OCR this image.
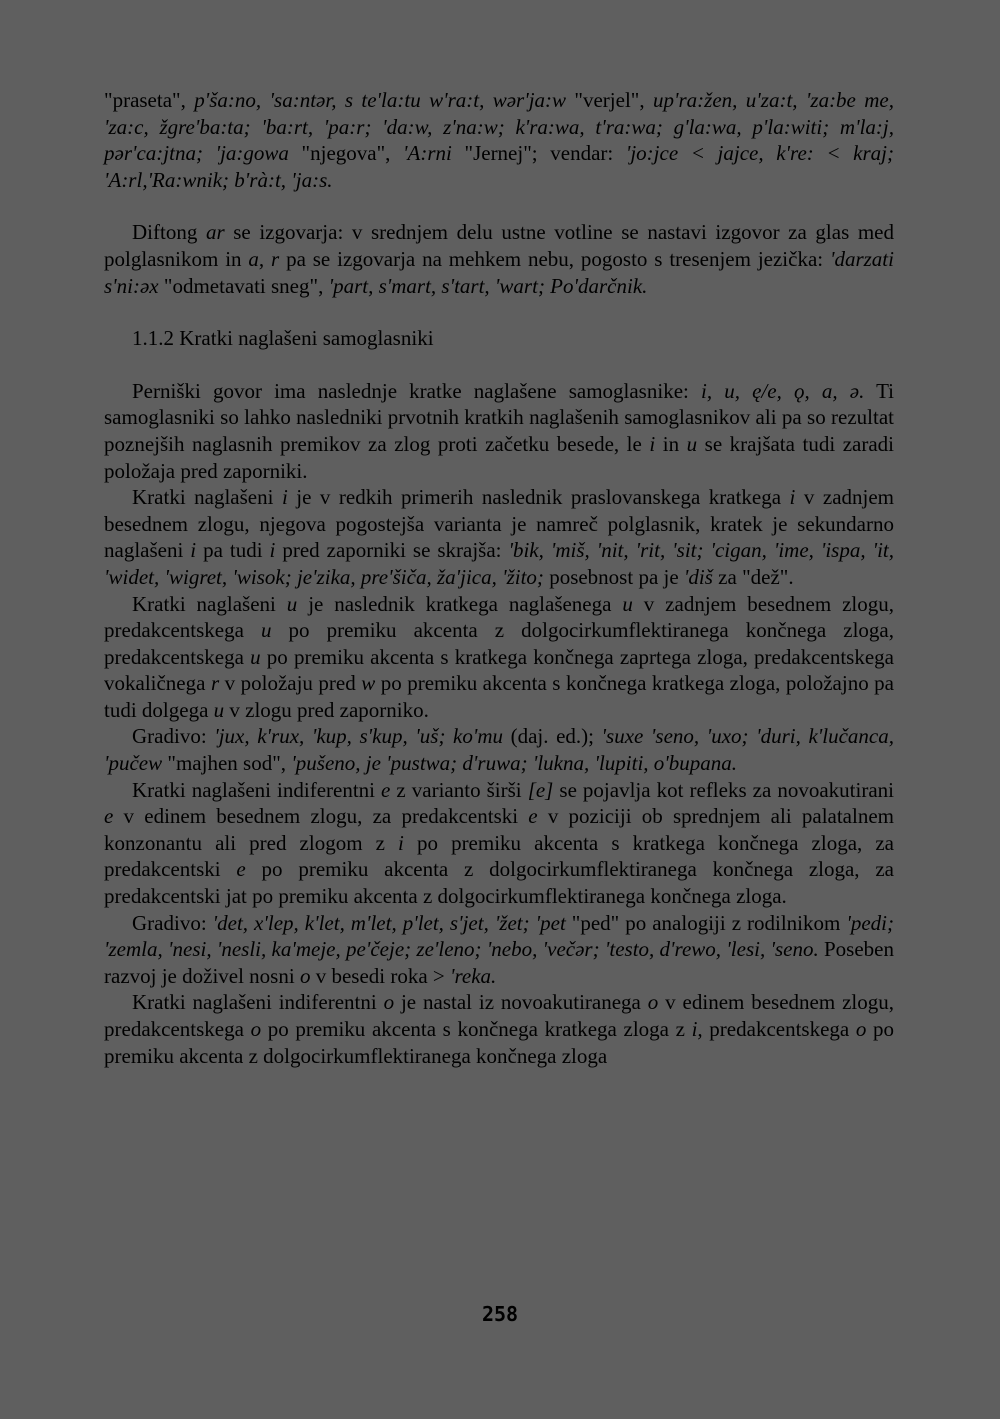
"praseta", p'ša:no, 'sa:ntər, s te'la:tu w'ra:t, wər'ja:w "verjel", up'ra:žen, u'za:t, 'za:be me, 'za:c, žgre'ba:ta; 'ba:rt, 'pa:r; 'da:w, z'na:w; k'ra:wa, t'ra:wa; g'la:wa, p'la:witi; m'la:j, pər'ca:jtna; 'ja:gowa "njegova", 'A:rni "Jernej"; vendar: 'jo:jce < jajce, k're: < kraj; 'A:rl,'Ra:wnik; b'rà:t, 'ja:s.

Diftong ar se izgovarja: v srednjem delu ustne votline se nastavi izgovor za glas med polglasnikom in a, r pa se izgovarja na mehkem nebu, pogosto s tresenjem jezička: 'darzati s'ni:əx "odmetavati sneg", 'part, s'mart, s'tart, 'wart; Po'darčnik.

1.1.2 Kratki naglašeni samoglasniki

Perniški govor ima naslednje kratke naglašene samoglasnike: i, u, ę/e, ǫ, a, ə. Ti samoglasniki so lahko nasledniki prvotnih kratkih naglašenih samoglasnikov ali pa so rezultat poznejših naglasnih premikov za zlog proti začetku besede, le i in u se krajšata tudi zaradi položaja pred zaporniki.

Kratki naglašeni i je v redkih primerih naslednik praslovanskega kratkega i v zadnjem besednem zlogu, njegova pogostejša varianta je namreč polglasnik, kratek je sekundarno naglašeni i pa tudi i pred zaporniki se skrajša: 'bik, 'miš, 'nit, 'rit, 'sit; 'cigan, 'ime, 'ispa, 'it, 'widet, 'wigret, 'wisok; je'zika, pre'šiča, ža'jica, 'žito; posebnost pa je 'diš za "dež".

Kratki naglašeni u je naslednik kratkega naglašenega u v zadnjem besednem zlogu, predakcentskega u po premiku akcenta z dolgocirkumflektiranega končnega zloga, predakcentskega u po premiku akcenta s kratkega končnega zaprtega zloga, predakcentskega vokaličnega r v položaju pred w po premiku akcenta s končnega kratkega zloga, položajno pa tudi dolgega u v zlogu pred zaporniko.

Gradivo: 'jux, k'rux, 'kup, s'kup, 'uš; ko'mu (daj. ed.); 'suxe 'seno, 'uxo; 'duri, k'lučanca, 'pučew "majhen sod", 'pušeno, je 'pustwa; d'ruwa; 'lukna, 'lupiti, o'bupana.

Kratki naglašeni indiferentni e z varianto širši [e] se pojavlja kot refleks za novoakutirani e v edinem besednem zlogu, za predakcentski e v poziciji ob sprednjem ali palatalnem konzonantu ali pred zlogom z i po premiku akcenta s kratkega končnega zloga, za predakcentski e po premiku akcenta z dolgocirkumflektiranega končnega zloga, za predakcentski jat po premiku akcenta z dolgocirkumflektiranega končnega zloga.

Gradivo: 'det, x'lep, k'let, m'let, p'let, s'jet, 'žet; 'pet "ped" po analogiji z rodilnikom 'pedi; 'zemla, 'nesi, 'nesli, ka'meje, pe'čeje; ze'leno; 'nebo, 'večər; 'testo, d'rewo, 'lesi, 'seno. Poseben razvoj je doživel nosni o v besedi roka > 'reka.

Kratki naglašeni indiferentni o je nastal iz novoakutiranega o v edinem besednem zlogu, predakcentskega o po premiku akcenta s končnega kratkega zloga z i, predakcentskega o po premiku akcenta z dolgocirkumflektiranega končnega zloga

258
